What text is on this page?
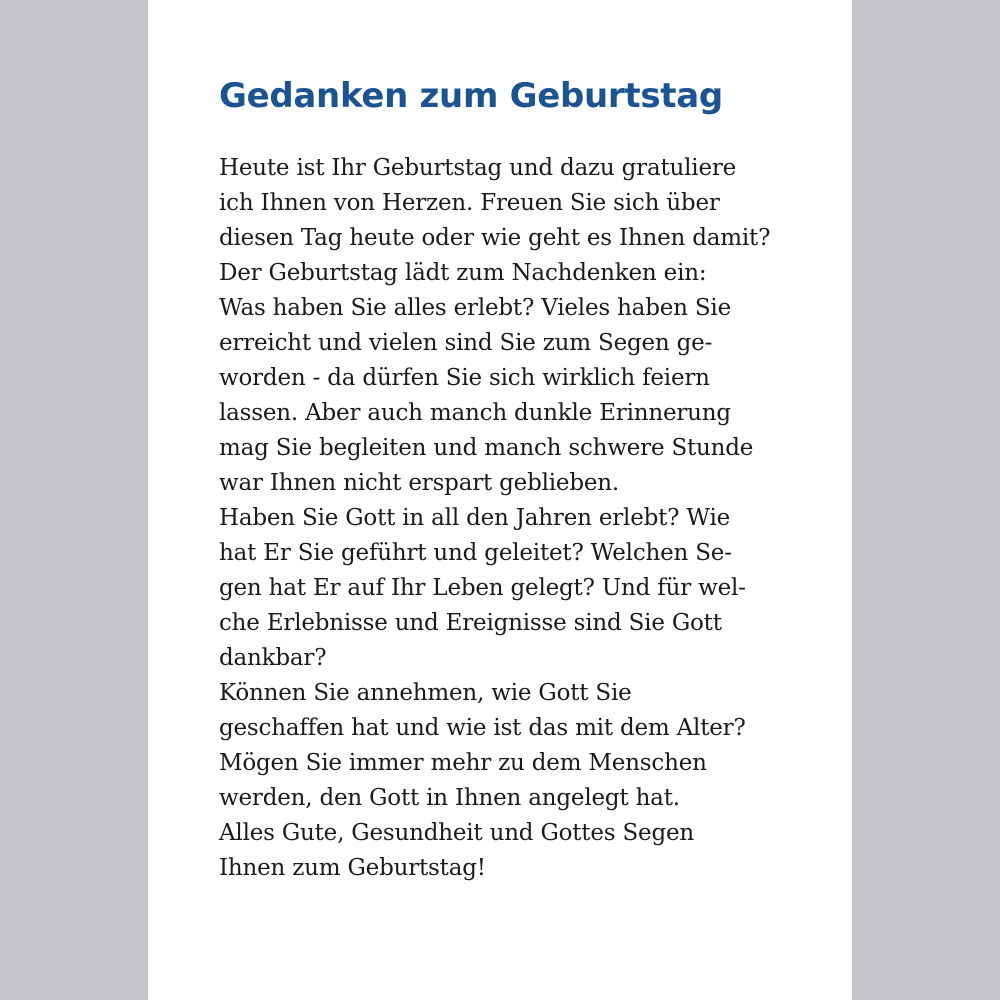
Gedanken zum Geburtstag
Heute ist Ihr Geburtstag und dazu gratuliere
ich Ihnen von Herzen. Freuen Sie sich über
diesen Tag heute oder wie geht es Ihnen damit?
Der Geburtstag lädt zum Nachdenken ein:
Was haben Sie alles erlebt? Vieles haben Sie
erreicht und vielen sind Sie zum Segen ge-
worden - da dürfen Sie sich wirklich feiern
lassen. Aber auch manch dunkle Erinnerung
mag Sie begleiten und manch schwere Stunde
war Ihnen nicht erspart geblieben.
Haben Sie Gott in all den Jahren erlebt? Wie
hat Er Sie geführt und geleitet? Welchen Se-
gen hat Er auf Ihr Leben gelegt? Und für wel-
che Erlebnisse und Ereignisse sind Sie Gott
dankbar?
Können Sie annehmen, wie Gott Sie
geschaffen hat und wie ist das mit dem Alter?
Mögen Sie immer mehr zu dem Menschen
werden, den Gott in Ihnen angelegt hat.
Alles Gute, Gesundheit und Gottes Segen
Ihnen zum Geburtstag!
